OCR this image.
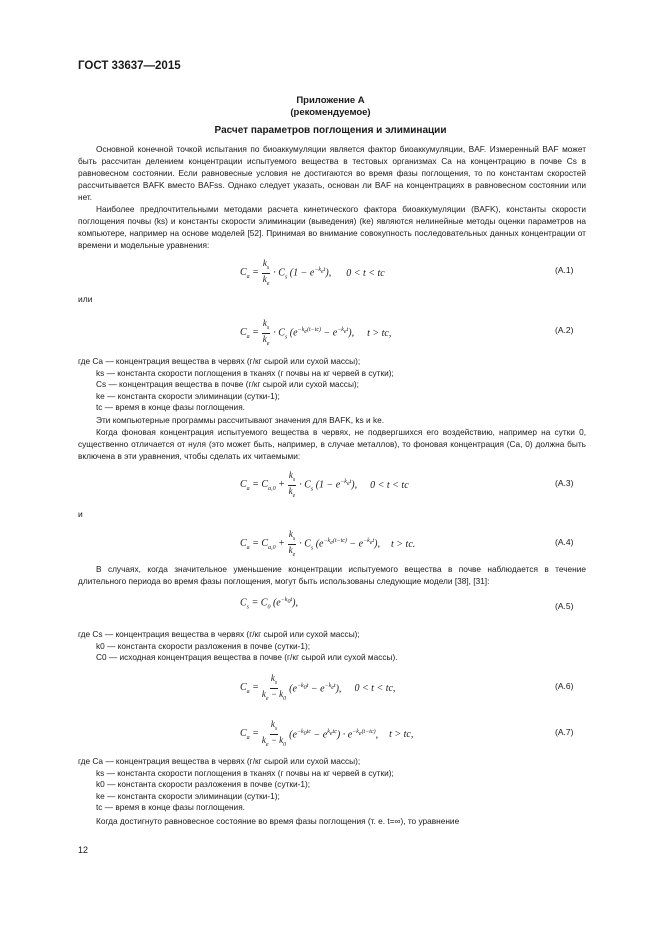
ГОСТ 33637—2015
Приложение А
(рекомендуемое)
Расчет параметров поглощения и элиминации

Основной конечной точкой испытания по биоаккумуляции является фактор биоаккумуляции, BAF. Измеренный BAF может быть рассчитан делением концентрации испытуемого вещества в тестовых организмах Ca на концентрацию в почве Cs в равновесном состоянии. Если равновесные условия не достигаются во время фазы поглощения, то по константам скоростей рассчитывается BAFK вместо BAFss. Однако следует указать, основан ли BAF на концентрациях в равновесном состоянии или нет.

Наиболее предпочтительными методами расчета кинетического фактора биоаккумуляции (BAFK), константы скорости поглощения почвы (ks) и константы скорости элиминации (выведения) (ke) являются нелинейные методы оценки параметров на компьютере, например на основе моделей [52]. Принимая во внимание совокупность последовательных данных концентрации от времени и модельные уравнения:

$C_a = \frac{k_s}{k_e} \cdot C_s$ $(1 - e^{-k_et})$, 0 < t < tc	(A.1)
или
$C_a = \frac{k_s}{k_e} \cdot C_s$ $(e^{-k_e(t-tc)} - e^{-k_et})$, t > tc,	(A.2)
где Ca — концентрация вещества в червях (г/кг сырой или сухой массы);
ks — константа скорости поглощения в тканях (г почвы на кг червей в сутки);
Cs — концентрация вещества в почве (г/кг сырой или сухой массы);
ke — константа скорости элиминации (сутки-1);
tc — время в конце фазы поглощения.

Эти компьютерные программы рассчитывают значения для BAFK, ks и ke.

Когда фоновая концентрация испытуемого вещества в червях, не подвергшихся его воздействию, например на сутки 0, существенно отличается от нуля (это может быть, например, в случае металлов), то фоновая концентрация (Ca, 0) должна быть включена в эти уравнения, чтобы сделать их читаемыми:

$C_a = C_{a,0} + \frac{k_s}{k_e} \cdot C_s$ $(1 - e^{-k_et})$, 0 < t < tc	(A.3)
и
$C_a = C_{a,0} + \frac{k_s}{k_e} \cdot C_s$ $(e^{-k_e(t-tc)} - e^{-k_et})$, t > tc.	(A.4)

В случаях, когда значительное уменьшение концентрации испытуемого вещества в почве наблюдается в течение длительного периода во время фазы поглощения, могут быть использованы следующие модели [38], [31]:

$C_s = C_0$ $(e^{-k_0t})$,	(A.5)
где Cs — концентрация вещества в червях (г/кг сырой или сухой массы);
k0 — константа скорости разложения в почве (сутки-1);
C0 — исходная концентрация вещества в почве (г/кг сырой или сухой массы).
$C_a = \frac{k_s}{k_e - k_0} (e^{-k_0t} - e^{-k_et})$, 0 < t < tc,	(A.6)
$C_a = \frac{k_s}{k_e - k_0} (e^{-k_0tc} - e^{k_etc}) \cdot e^{-k_e(t-tc)}$, t > tc,	(A.7)
где Ca — концентрация вещества в червях (г/кг сырой или сухой массы);
ks — константа скорости поглощения в тканях (г почвы на кг червей в сутки);
k0 — константа скорости разложения в почве (сутки-1);
ke — константа скорости элиминации (сутки-1);
tc — время в конце фазы поглощения.

Когда достигнуто равновесное состояние во время фазы поглощения (т. е. t=∞), то уравнение

12
